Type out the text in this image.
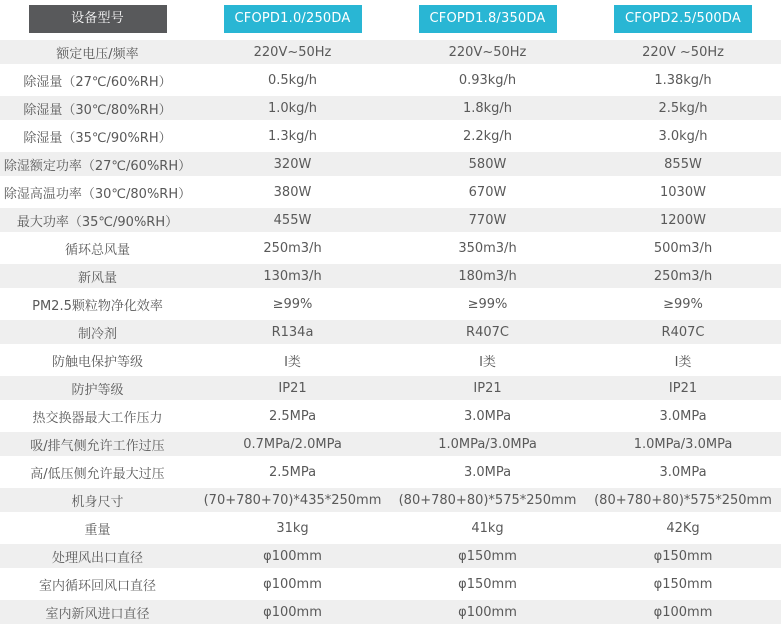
设备型号	CFOPD1.0/250DA	CFOPD1.8/350DA	CFOPD2.5/500DA
额定电压/频率	220V~50Hz	220V~50Hz	220V ~50Hz
除湿量（27℃/60%RH）	0.5kg/h	0.93kg/h	1.38kg/h
除湿量（30℃/80%RH）	1.0kg/h	1.8kg/h	2.5kg/h
除湿量（35℃/90%RH）	1.3kg/h	2.2kg/h	3.0kg/h
除湿额定功率（27℃/60%RH）	320W	580W	855W
除湿高温功率（30℃/80%RH）	380W	670W	1030W
最大功率（35℃/90%RH）	455W	770W	1200W
循环总风量	250m3/h	350m3/h	500m3/h
新风量	130m3/h	180m3/h	250m3/h
PM2.5颗粒物净化效率	≥99%	≥99%	≥99%
制冷剂	R134a	R407C	R407C
防触电保护等级	I类	I类	I类
防护等级	IP21	IP21	IP21
热交换器最大工作压力	2.5MPa	3.0MPa	3.0MPa
吸/排气侧允许工作过压	0.7MPa/2.0MPa	1.0MPa/3.0MPa	1.0MPa/3.0MPa
高/低压侧允许最大过压	2.5MPa	3.0MPa	3.0MPa
机身尺寸	(70+780+70)*435*250mm	(80+780+80)*575*250mm	(80+780+80)*575*250mm
重量	31kg	41kg	42Kg
处理风出口直径	φ100mm	φ150mm	φ150mm
室内循环回风口直径	φ100mm	φ150mm	φ150mm
室内新风进口直径	φ100mm	φ100mm	φ100mm
